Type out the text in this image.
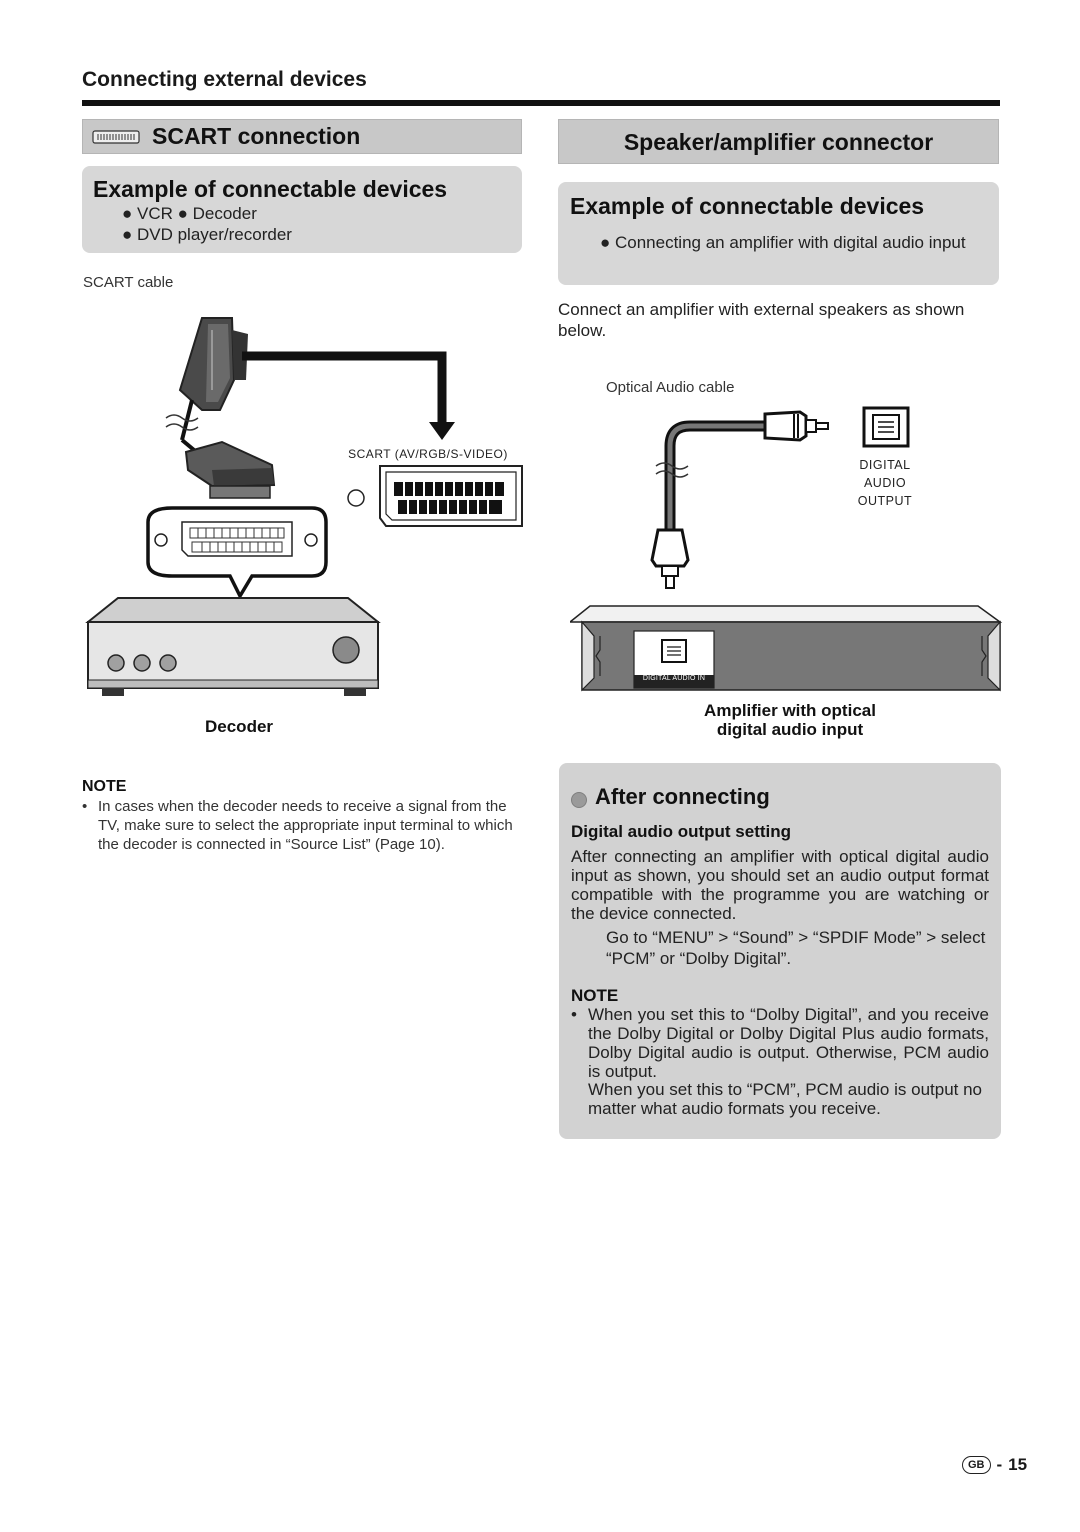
Connecting external devices
SCART connection
Example of connectable devices
● VCR ● Decoder
● DVD player/recorder
SCART cable
SCART (AV/RGB/S-VIDEO)
Decoder
NOTE
• In cases when the decoder needs to receive a signal from the TV, make sure to select the appropriate input terminal to which the decoder is connected in “Source List” (Page 10).
Speaker/amplifier connector
Example of connectable devices
● Connecting an amplifier with digital audio input
Connect an amplifier with external speakers as shown below.
Optical Audio cable
DIGITAL
AUDIO
OUTPUT
DIGITAL AUDIO IN
Amplifier with optical
digital audio input
After connecting
Digital audio output setting
After connecting an amplifier with optical digital audio input as shown, you should set an audio output format compatible with the programme you are watching or the device connected.
Go to “MENU” > “Sound” > “SPDIF Mode” > select “PCM” or “Dolby Digital”.
NOTE
• When you set this to “Dolby Digital”, and you receive the Dolby Digital or Dolby Digital Plus audio formats, Dolby Digital audio is output. Otherwise, PCM audio is output.
When you set this to “PCM”, PCM audio is output no matter what audio formats you receive.
GB - 15
